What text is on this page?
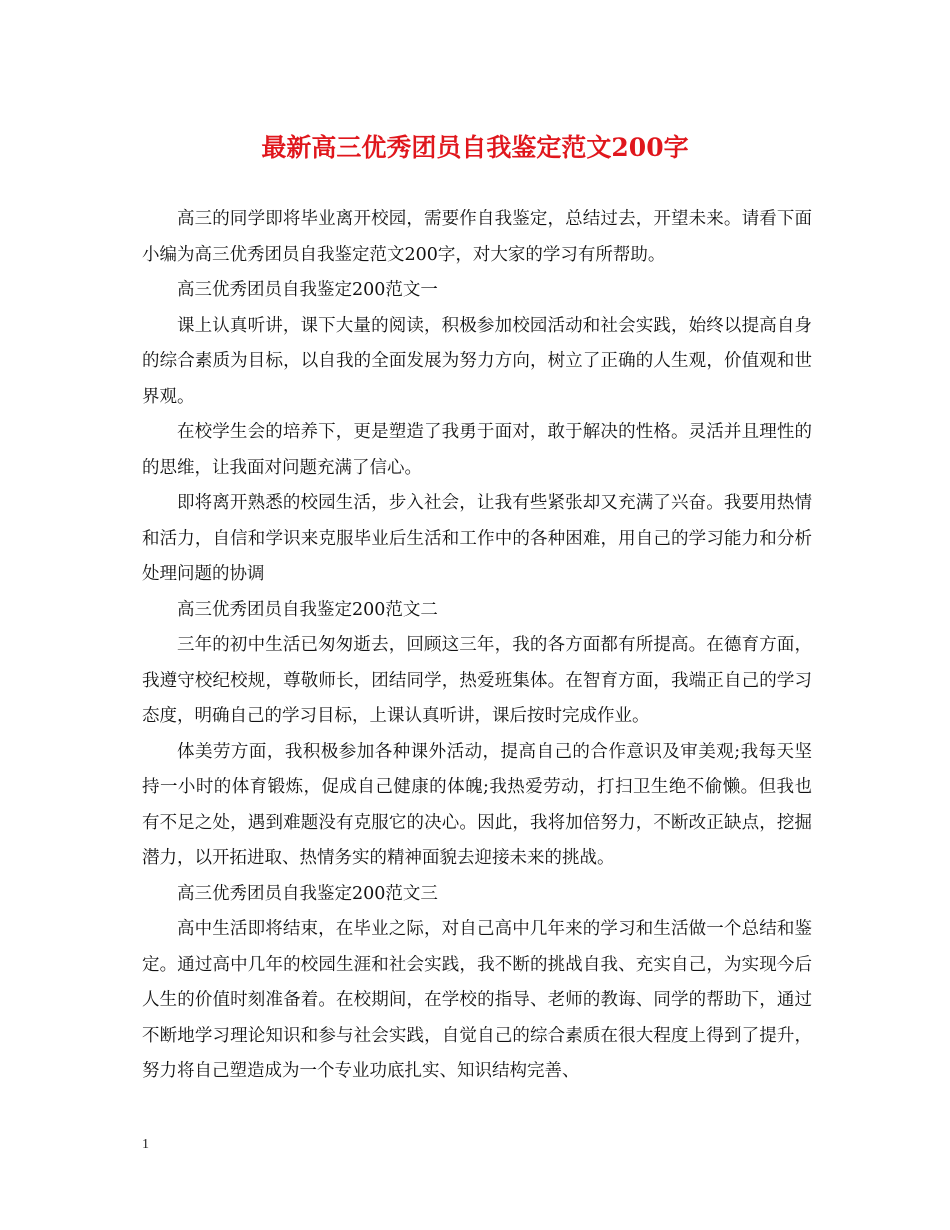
最新高三优秀团员自我鉴定范文200字

高三的同学即将毕业离开校园，需要作自我鉴定，总结过去，开望未来。请看下面小编为高三优秀团员自我鉴定范文200字，对大家的学习有所帮助。

高三优秀团员自我鉴定200范文一

课上认真听讲，课下大量的阅读，积极参加校园活动和社会实践，始终以提高自身的综合素质为目标，以自我的全面发展为努力方向，树立了正确的人生观，价值观和世界观。

在校学生会的培养下，更是塑造了我勇于面对，敢于解决的性格。灵活并且理性的的思维，让我面对问题充满了信心。

即将离开熟悉的校园生活，步入社会，让我有些紧张却又充满了兴奋。我要用热情和活力，自信和学识来克服毕业后生活和工作中的各种困难，用自己的学习能力和分析处理问题的协调

高三优秀团员自我鉴定200范文二

三年的初中生活已匆匆逝去，回顾这三年，我的各方面都有所提高。在德育方面，我遵守校纪校规，尊敬师长，团结同学，热爱班集体。在智育方面，我端正自己的学习态度，明确自己的学习目标，上课认真听讲，课后按时完成作业。

体美劳方面，我积极参加各种课外活动，提高自己的合作意识及审美观;我每天坚持一小时的体育锻炼，促成自己健康的体魄;我热爱劳动，打扫卫生绝不偷懒。但我也有不足之处，遇到难题没有克服它的决心。因此，我将加倍努力，不断改正缺点，挖掘潜力，以开拓进取、热情务实的精神面貌去迎接未来的挑战。

高三优秀团员自我鉴定200范文三

高中生活即将结束，在毕业之际，对自己高中几年来的学习和生活做一个总结和鉴定。通过高中几年的校园生涯和社会实践，我不断的挑战自我、充实自己，为实现今后人生的价值时刻准备着。在校期间，在学校的指导、老师的教诲、同学的帮助下，通过不断地学习理论知识和参与社会实践，自觉自己的综合素质在很大程度上得到了提升，努力将自己塑造成为一个专业功底扎实、知识结构完善、

1
